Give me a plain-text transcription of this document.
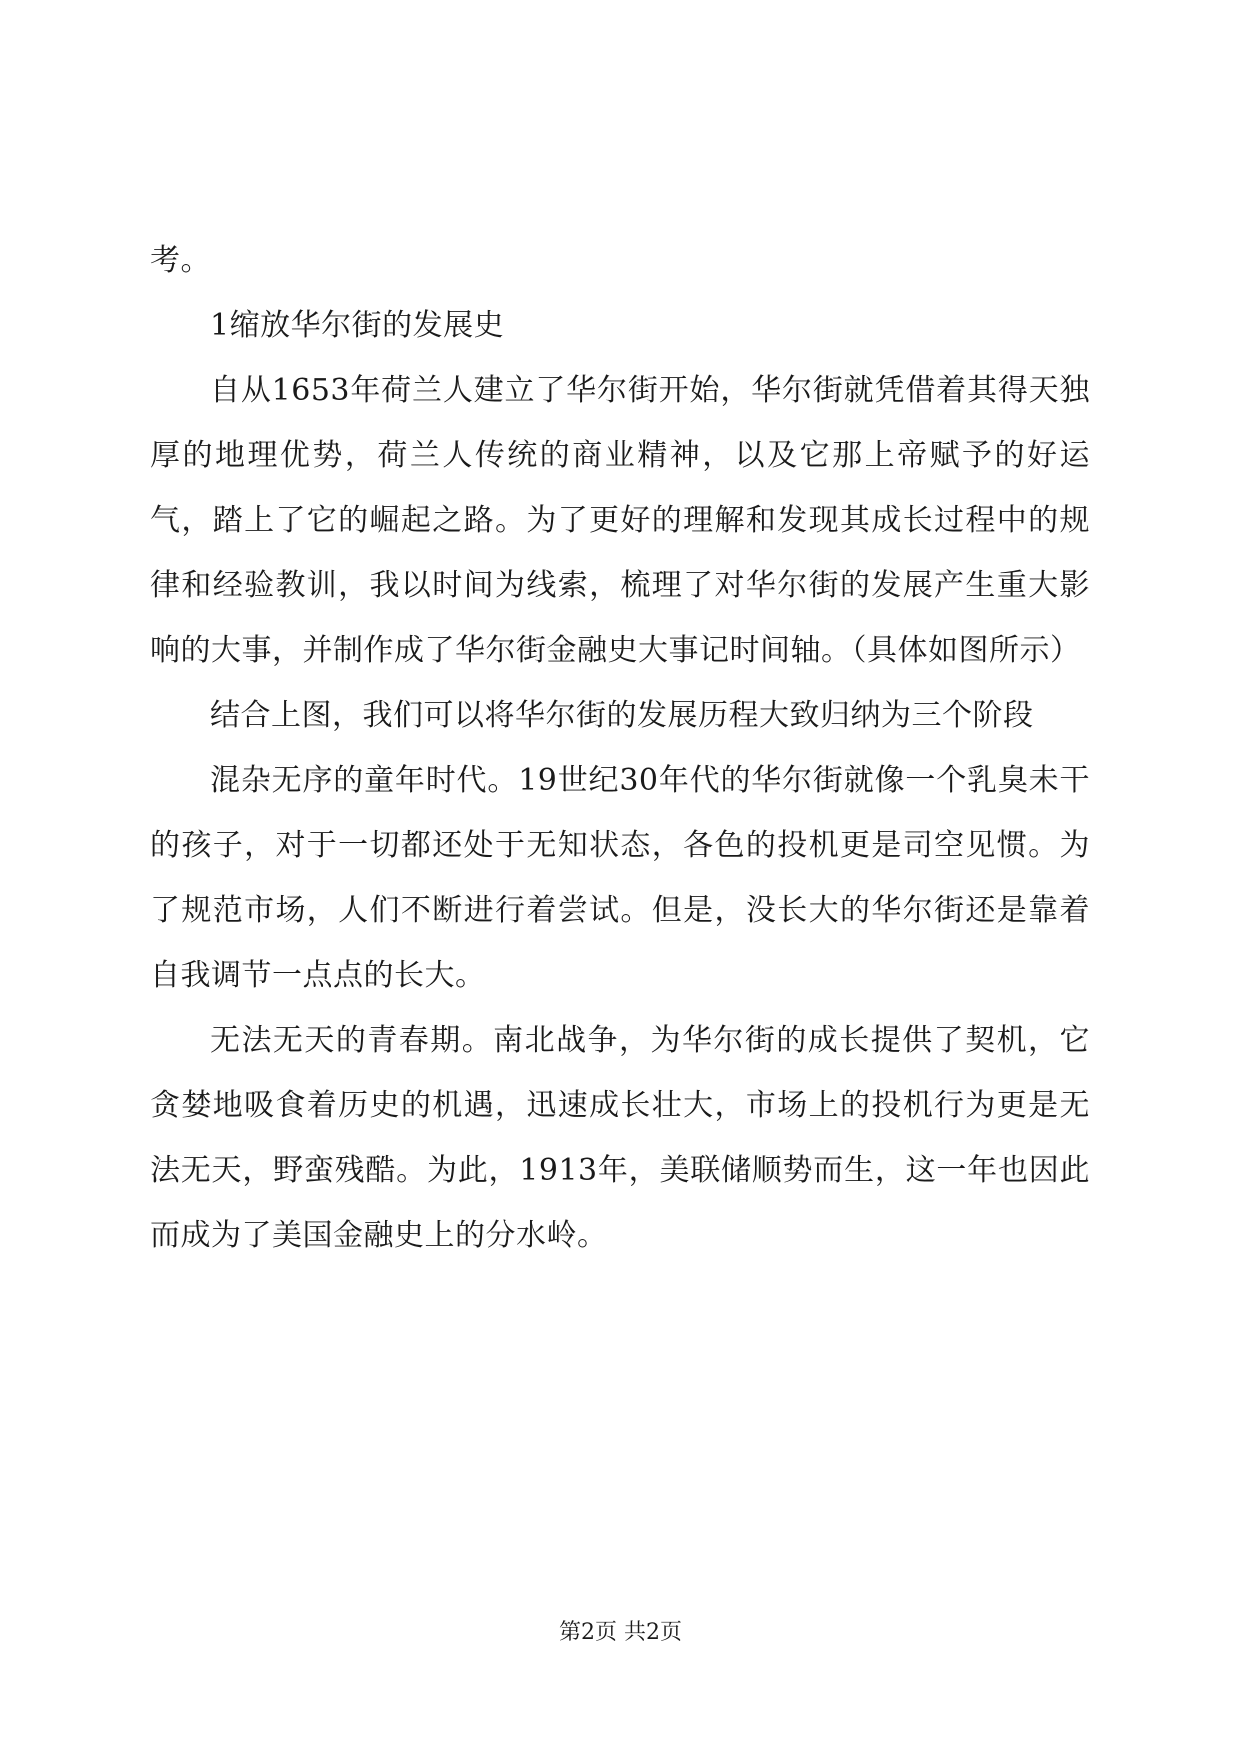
考。

1缩放华尔街的发展史

自从1653年荷兰人建立了华尔街开始，华尔街就凭借着其得天独厚的地理优势，荷兰人传统的商业精神，以及它那上帝赋予的好运气，踏上了它的崛起之路。为了更好的理解和发现其成长过程中的规律和经验教训，我以时间为线索，梳理了对华尔街的发展产生重大影响的大事，并制作成了华尔街金融史大事记时间轴。（具体如图所示）

结合上图，我们可以将华尔街的发展历程大致归纳为三个阶段

混杂无序的童年时代。19世纪30年代的华尔街就像一个乳臭未干的孩子，对于一切都还处于无知状态，各色的投机更是司空见惯。为了规范市场，人们不断进行着尝试。但是，没长大的华尔街还是靠着自我调节一点点的长大。

无法无天的青春期。南北战争，为华尔街的成长提供了契机，它贪婪地吸食着历史的机遇，迅速成长壮大，市场上的投机行为更是无法无天，野蛮残酷。为此，1913年，美联储顺势而生，这一年也因此而成为了美国金融史上的分水岭。

第2页 共2页
